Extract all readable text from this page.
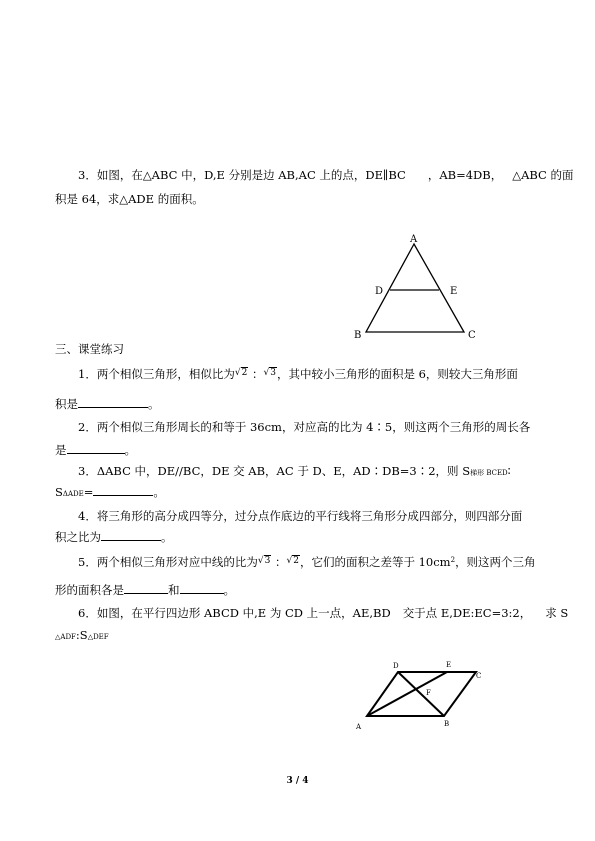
3．如图，在△ABC 中，D,E 分别是边 AB,AC 上的点，DE∥BC ，AB=4DB， △ABC 的面
积是 64，求△ADE 的面积。
A
B	C
D	E
三、课堂练习
1．两个相似三角形，相似比为√2 ：√3，其中较小三角形的面积是 6，则较大三角形面
积是	。
2．两个相似三角形周长的和等于 36cm，对应高的比为 4∶5，则这两个三角形的周长各
是	。
3．ΔABC 中，DE//BC，DE 交 AB，AC 于 D、E，AD∶DB=3∶2，则 S梯形 BCED∶
SΔADE=	。
4．将三角形的高分成四等分，过分点作底边的平行线将三角形分成四部分，则四部分面
积之比为	。
5．两个相似三角形对应中线的比为√3 ：√2，它们的面积之差等于 $10cm^2$，则这两个三角
形的面积各是	和	。
6．如图，在平行四边形 ABCD 中,E 为 CD 上一点，AE,BD 交于点 E,DE:EC=3:2， 求 S
△ADF:S△DEF
D	E
C
F
A	B
3 / 4
